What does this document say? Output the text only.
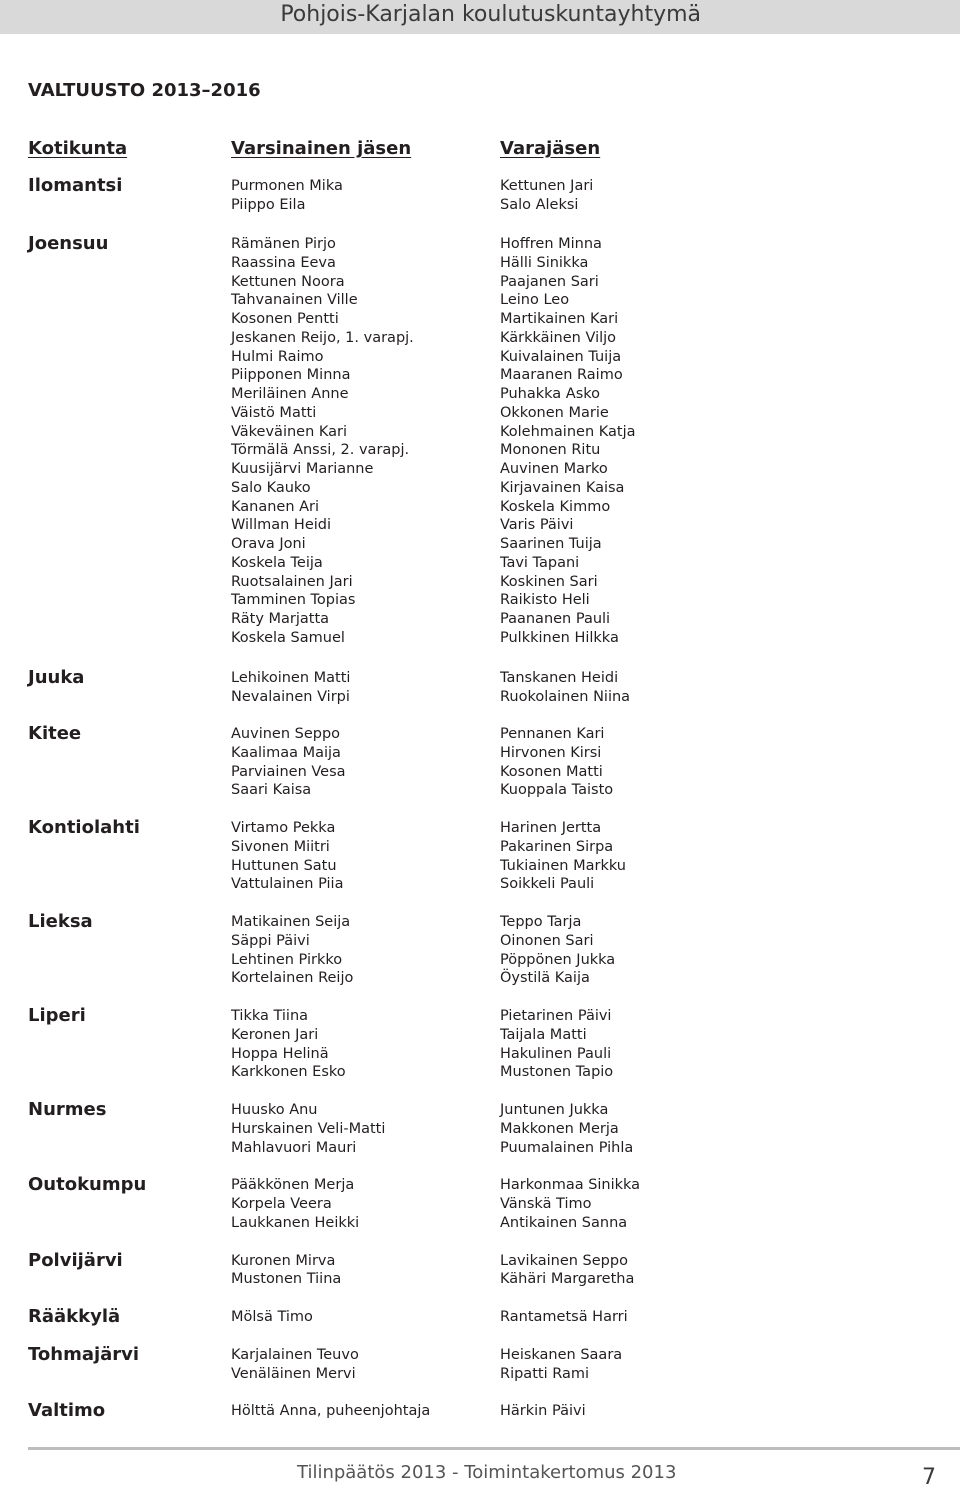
Pohjois-Karjalan koulutuskuntayhtymä
VALTUUSTO 2013–2016
Kotikunta	Varsinainen jäsen	Varajäsen
Ilomantsi	Purmonen Mika	Kettunen Jari
Piippo Eila	Salo Aleksi
Joensuu	Rämänen Pirjo	Hoffren Minna
Raassina Eeva	Hälli Sinikka
Kettunen Noora	Paajanen Sari
Tahvanainen Ville	Leino Leo
Kosonen Pentti	Martikainen Kari
Jeskanen Reijo, 1. varapj.	Kärkkäinen Viljo
Hulmi Raimo	Kuivalainen Tuija
Piipponen Minna	Maaranen Raimo
Meriläinen Anne	Puhakka Asko
Väistö Matti	Okkonen Marie
Väkeväinen Kari	Kolehmainen Katja
Törmälä Anssi, 2. varapj.	Mononen Ritu
Kuusijärvi Marianne	Auvinen Marko
Salo Kauko	Kirjavainen Kaisa
Kananen Ari	Koskela Kimmo
Willman Heidi	Varis Päivi
Orava Joni	Saarinen Tuija
Koskela Teija	Tavi Tapani
Ruotsalainen Jari	Koskinen Sari
Tamminen Topias	Raikisto Heli
Räty Marjatta	Paananen Pauli
Koskela Samuel	Pulkkinen Hilkka
Juuka	Lehikoinen Matti	Tanskanen Heidi
Nevalainen Virpi	Ruokolainen Niina
Kitee	Auvinen Seppo	Pennanen Kari
Kaalimaa Maija	Hirvonen Kirsi
Parviainen Vesa	Kosonen Matti
Saari Kaisa	Kuoppala Taisto
Kontiolahti	Virtamo Pekka	Harinen Jertta
Sivonen Miitri	Pakarinen Sirpa
Huttunen Satu	Tukiainen Markku
Vattulainen Piia	Soikkeli Pauli
Lieksa	Matikainen Seija	Teppo Tarja
Säppi Päivi	Oinonen Sari
Lehtinen Pirkko	Pöppönen Jukka
Kortelainen Reijo	Öystilä Kaija
Liperi	Tikka Tiina	Pietarinen Päivi
Keronen Jari	Taijala Matti
Hoppa Helinä	Hakulinen Pauli
Karkkonen Esko	Mustonen Tapio
Nurmes	Huusko Anu	Juntunen Jukka
Hurskainen Veli-Matti	Makkonen Merja
Mahlavuori Mauri	Puumalainen Pihla
Outokumpu	Pääkkönen Merja	Harkonmaa Sinikka
Korpela Veera	Vänskä Timo
Laukkanen Heikki	Antikainen Sanna
Polvijärvi	Kuronen Mirva	Lavikainen Seppo
Mustonen Tiina	Kähäri Margaretha
Rääkkylä	Mölsä Timo	Rantametsä Harri
Tohmajärvi	Karjalainen Teuvo	Heiskanen Saara
Venäläinen Mervi	Ripatti Rami
Valtimo	Hölttä Anna, puheenjohtaja	Härkin Päivi
Tilinpäätös 2013 - Toimintakertomus 2013	7
